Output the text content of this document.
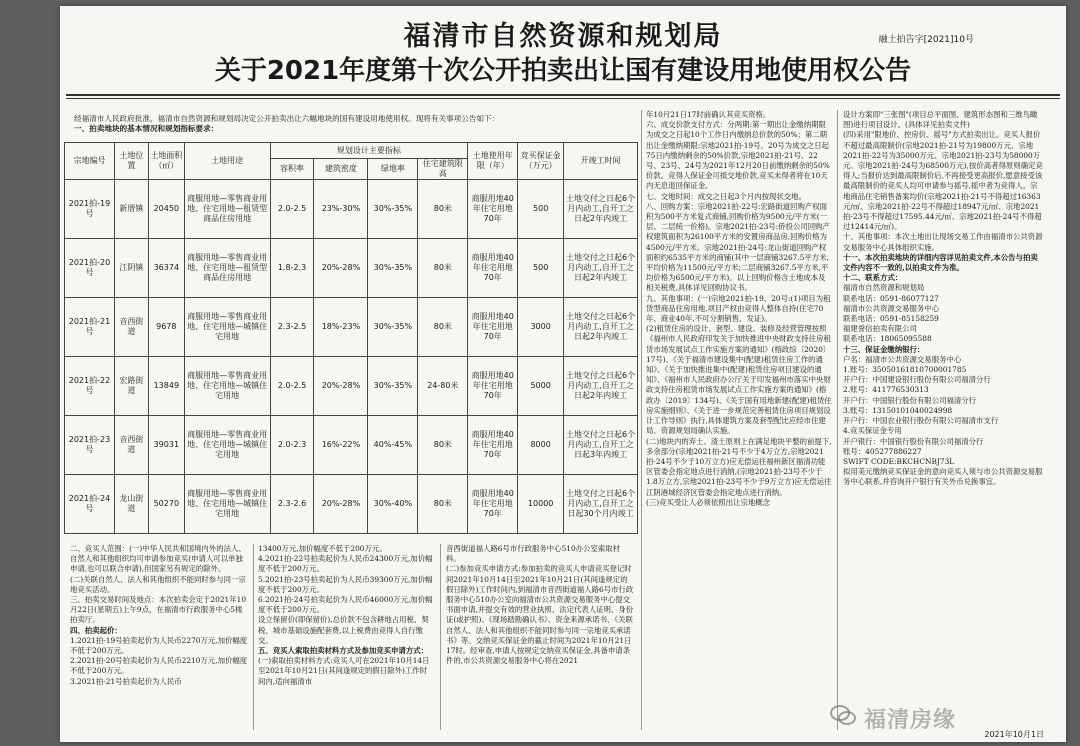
福清市自然资源和规划局	融土拍告字[2021]10号
关于2021年度第十次公开拍卖出让国有建设用地使用权公告
经福清市人民政府批准，福清市自然资源和规划局决定公开拍卖出让六幅地块的国有建设用地使用权。现将有关事项公告如下：
一、拍卖地块的基本情况和规划指标要求：
宗地编号	土地位置	土地面积（㎡）	土地用途	规划设计主要指标				土地使用年限（年）	竞买保证金（万元）	开竣工时间
				容积率	建筑密度	绿地率	住宅建筑限高			
2021拍-19号	新厝镇	20450	商服用地—零售商业用地、住宅用地—租赁型商品住房用地	2.0-2.5	23%-30%	30%-35%	80米	商服用地40年住宅用地70年	500	土地交付之日起6个月内动工,自开工之日起2年内竣工
2021拍-20号	江阴镇	36374	商服用地—零售商业用地、住宅用地—租赁型商品住房用地	1.8-2.3	20%-28%	30%-35%	80米	商服用地40年住宅用地70年	500	土地交付之日起6个月内动工,自开工之日起2年内竣工
2021拍-21号	音西街道	9678	商服用地—零售商业用地、住宅用地—城镇住宅用地	2.3-2.5	18%-23%	30%-35%	80米	商服用地40年住宅用地70年	3000	土地交付之日起6个月内动工,自开工之日起2年内竣工
2021拍-22号	宏路街道	13849	商服用地—零售商业用地、住宅用地—城镇住宅用地	2.0-2.5	20%-28%	30%-35%	24-80米	商服用地40年住宅用地70年	5000	土地交付之日起6个月内动工,自开工之日起2年内竣工
2021拍-23号	音西街道	39031	商服用地—零售商业用地、住宅用地—城镇住宅用地	2.0-2.3	16%-22%	40%-45%	80米	商服用地40年住宅用地70年	8000	土地交付之日起6个月内动工,自开工之日起3年内竣工
2021拍-24号	龙山街道	50270	商服用地—零售商业用地、住宅用地—城镇住宅用地	2.3-2.6	20%-28%	30%-40%	80米	商服用地40年住宅用地70年	10000	土地交付之日起6个月内动工,自开工之日起30个月内竣工

二、竞买人范围：(一)中华人民共和国境内外的法人、自然人和其他组织均可申请参加竞买(申请人可以单独申请,也可以联合申请),但国家另有规定的除外。

(二)关联自然人、法人和其他组织不能同时参与同一宗地竞买活动。

三、拍卖交易时间及地点：本次拍卖会定于2021年10月22日(星期五)上午9点，在福清市行政服务中心5楼拍卖厅。

四、拍卖起价：

1.2021拍-19号拍卖起价为人民币2270万元,加价幅度不低于200万元。

2.2021拍-20号拍卖起价为人民币2210万元,加价幅度不低于200万元。

3.2021拍-21号拍卖起价为人民币

13400万元,加价幅度不低于200万元。

4.2021拍-22号拍卖起价为人民币24300万元,加价幅度不低于200万元。

5.2021拍-23号拍卖起价为人民币39300万元,加价幅度不低于200万元。

6.2021拍-24号拍卖起价为人民币46000万元,加价幅度不低于200万元。

设立保留价(即保留价),总价款不包含耕地占用税、契税、城市基础设施配套费,以上税费由竞得人自行缴交。

五、竞买人索取拍卖材料方式及参加竞买申请方式：

(一)索取拍卖材料方式:竞买人可在2021年10月14日至2021年10月21日(其间逢规定的假日除外)工作时间内,适向福清市

音西街道福人路6号市行政服务中心510办公室索取材料。

(二)参加竞买申请方式:参加拍卖的竞买人申请竞买登记时间2021年10月14日至2021年10月21日(其间逢规定的假日除外)工作时间内,到福清市音西街道福人路6号市行政服务中心510办公室向福清市公共资源交易服务中心提交书面申请,并提交有效的营业执照、法定代表人证明、身份证(或护照)、《现场踏勘确认书》、资金来源承诺书、《关联自然人、法人和其他组织不能同时参与同一宗地竞买承诺书》等。交纳竞买保证金的截止时间为2021年10月21日17时。经审查,申请人按规定交纳竞买保证金,具备申请条件的,市公共资源交易服务中心将在2021

年10月21日17时前确认其竞买资格。

六、成交价款支付方式：分两期:第一期出让金缴纳期限为成交之日起10个工作日内缴纳总价款的50%；第二期出让金缴纳期限:宗地2021拍-19号、20号为成交之日起75日内缴纳剩余的50%价款,宗地2021拍-21号、22号、23号、24号为2021年12月20日前缴纳剩余的50%价款。竞得人保证金可抵交地价款,竞买未得者将在10天内无息退回保证金。

七、交地时间：成交之日起3个月内按现状交地。

八、回购方案：宗地2021拍-22号:宏路街道回购产权面积为500平方米复式商铺,回购价格为9500元/平方米(一层、二层统一价格)。宗地2021拍-23号:侨投公司回购产权建筑面积为26100平方米的安置房商品房,回购价格为4500元/平方米。宗地2021拍-24号:龙山街道回购产权面积约6535平方米的商铺(其中一层商铺3267.5平方米,平均价格为11500元/平方米;二层商铺3267.5平方米,平均价格为6500元/平方米)。以上回购价格含土地成本及相关税费,具体详见回购协议书。

九、其他事项：(一)宗地2021拍-19、20号:(1)项目为租赁型商品住房用地,项目产权由竞得人整体自持(住宅70年、商业40年,不可分割销售、发证)。

(2)租赁住房的设计、套型、建设、装修及经营管理按照《福州市人民政府印发关于加快推进中央财政支持住房租赁市场发展试点工作实施方案的通知》(榕政综〔2020〕17号)、《关于福清市建设集中(配建)租赁住房工作的通知》、《关于加快推进集中(配建)租赁住房项目建设的通知》、《福州市人民政府办公厅关于印发福州市落实中央财政支持住房租赁市场发展试点工作实施方案的通知》(榕政办〔2019〕134号)、《关于国有用地新建(配建)租赁住房实施细则》、《关于进一步规范完善租赁住房项目规划设计工作导则》执行,具体建筑方案及套型配比应经市住建局、资源规划局确认实施。

(二)地块内的弃土、渣土原则上在满足地块平整的前提下,多余部分(宗地2021拍-21号不少于4万立方,宗地2021拍-24号不少于10万立方)应无偿运往福州新区福清功能区管委会指定地点进行消纳,(宗地2021拍-23号不少于1.8万立方,宗地2021拍-23号不少于9万立方)应无偿运往江阴港城经济区管委会指定地点进行消纳。

(三)竞买受让人必须依照出让宗地概念

设计方案即"三张图"(项目总平面图、建筑形态图和三维鸟瞰图)进行项目设计。(具体详见拍卖文件)

(四)采用"限地价、控房价、摇号"方式拍卖出让。竞买人报价不超过最高限制价(宗地2021拍-21号为19800万元、宗地2021拍-22号为35000万元、宗地2021拍-23号为58000万元、宗地2021拍-24号为68500万元),按价高者得原则确定竞得人;当报价达到最高限制价后,不再接受更高报价,愿意接受该最高限制价的竞买人均可申请参与摇号,摇中者为竞得人。宗地商品住宅销售备案均价(宗地2021拍-21号不得超过16363元/㎡、宗地2021拍-22号不得超过18947元/㎡、宗地2021拍-23号不得超过17595.44元/㎡、宗地2021拍-24号不得超过12414元/㎡)。

十、其他事项：本次土地出让现场交易工作由福清市公共资源交易服务中心具体组织实施。

十一、本次拍卖地块的详细内容详见拍卖文件,本公告与拍卖文件内容不一致的,以拍卖文件为准。

十二、联系方式：

福清市自然资源和规划局

联系电话：0591-86077127

福清市公共资源交易服务中心

联系电话：0591-85158259

福建誉信拍卖有限公司

联系电话：18065095588

十三、保证金缴纳银行：

户名：福清市公共资源交易服务中心

1.账号：35050161810700001785

开户行：中国建设银行股份有限公司福清分行

2.账号：411776530313

开户行：中国银行股份有限公司福清分行

3.账号：13150101040024998

开户行：中国农业银行股份有限公司福清市支行

4.竞买保证金专用

开户银行：中国银行股份有限公司福清分行

账号：405277886227

SWIFT CODE:BKCHCNBJ73L

拟用美元缴纳竞买保证金的意向竞买人须与市公共资源交易服务中心联系,并咨询开户银行有关外币兑换事宜。

福清房缘
2021年10月1日
